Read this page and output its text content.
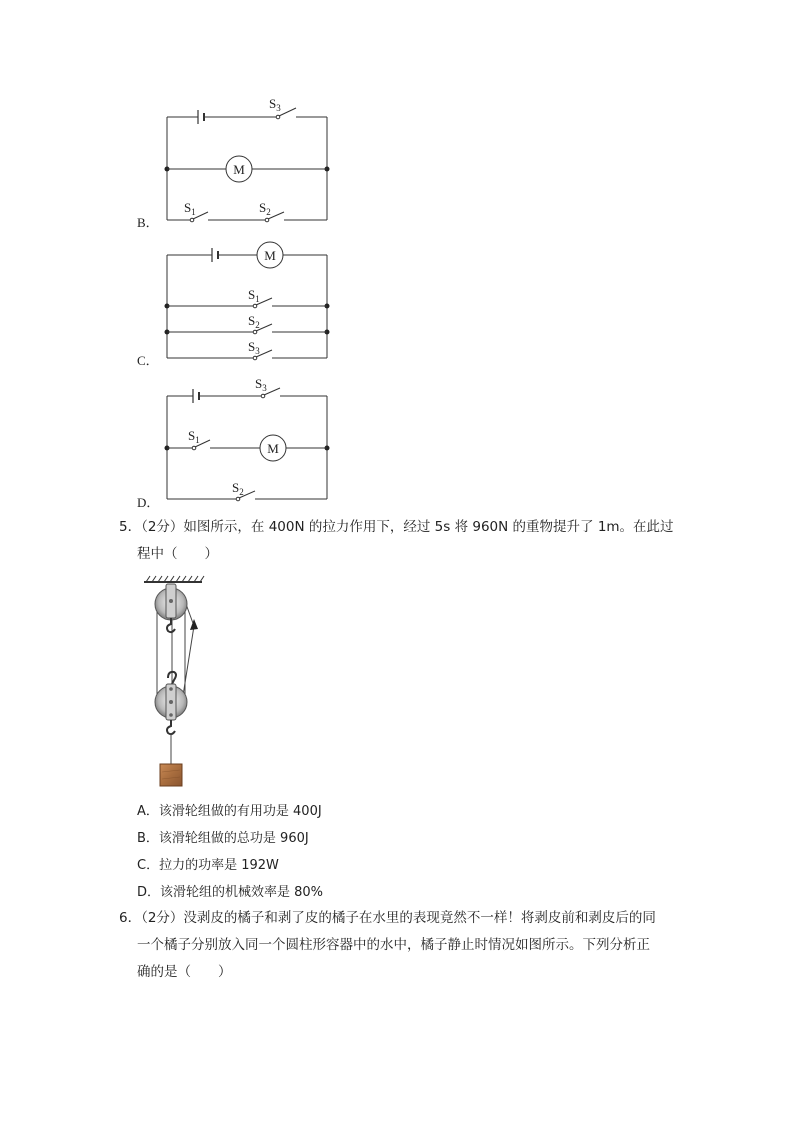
B．
$S_3$
M
$S_1$	$S_2$
C．
M
$S_1$
$S_2$
$S_3$
D．
$S_3$
$S_1$
M
$S_2$
5．（2分）如图所示，在 400N 的拉力作用下，经过 5s 将 960N 的重物提升了 1m。在此过
程中（　　）
A．该滑轮组做的有用功是 400J
B．该滑轮组做的总功是 960J
C．拉力的功率是 192W
D．该滑轮组的机械效率是 80%
6．（2分）没剥皮的橘子和剥了皮的橘子在水里的表现竟然不一样！将剥皮前和剥皮后的同
一个橘子分别放入同一个圆柱形容器中的水中，橘子静止时情况如图所示。下列分析正
确的是（　　）
